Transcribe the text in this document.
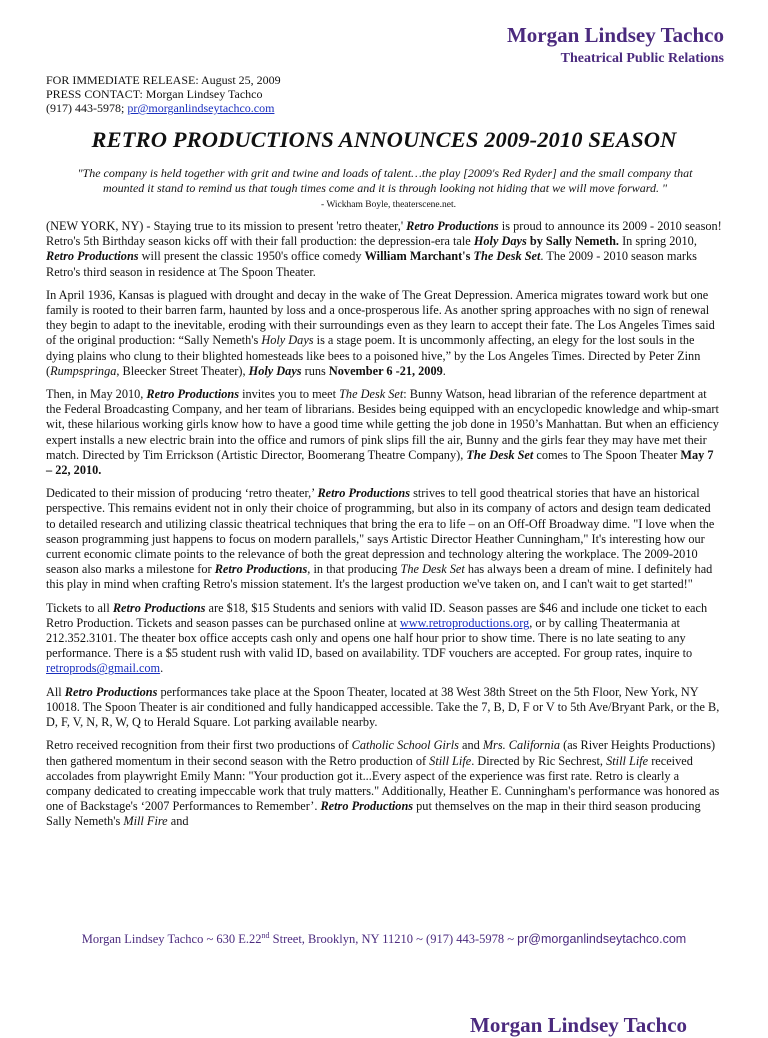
Morgan Lindsey Tachco
Theatrical Public Relations
FOR IMMEDIATE RELEASE: August 25, 2009
PRESS CONTACT: Morgan Lindsey Tachco
(917) 443-5978; pr@morganlindseytachco.com
RETRO PRODUCTIONS ANNOUNCES 2009-2010 SEASON
"The company is held together with grit and twine and loads of talent…the play [2009's Red Ryder] and the small company that mounted it stand to remind us that tough times come and it is through looking not hiding that we will move forward. "
- Wickham Boyle, theaterscene.net.

(NEW YORK, NY) - Staying true to its mission to present 'retro theater,' Retro Productions is proud to announce its 2009 - 2010 season! Retro's 5th Birthday season kicks off with their fall production: the depression-era tale Holy Days by Sally Nemeth. In spring 2010, Retro Productions will present the classic 1950's office comedy William Marchant's The Desk Set. The 2009 - 2010 season marks Retro's third season in residence at The Spoon Theater.

In April 1936, Kansas is plagued with drought and decay in the wake of The Great Depression. America migrates toward work but one family is rooted to their barren farm, haunted by loss and a once-prosperous life. As another spring approaches with no sign of renewal they begin to adapt to the inevitable, eroding with their surroundings even as they learn to accept their fate. The Los Angeles Times said of the original production: “Sally Nemeth's Holy Days is a stage poem. It is uncommonly affecting, an elegy for the lost souls in the dying plains who clung to their blighted homesteads like bees to a poisoned hive,” by the Los Angeles Times. Directed by Peter Zinn (Rumpspringa, Bleecker Street Theater), Holy Days runs November 6 -21, 2009.

Then, in May 2010, Retro Productions invites you to meet The Desk Set: Bunny Watson, head librarian of the reference department at the Federal Broadcasting Company, and her team of librarians. Besides being equipped with an encyclopedic knowledge and whip-smart wit, these hilarious working girls know how to have a good time while getting the job done in 1950’s Manhattan. But when an efficiency expert installs a new electric brain into the office and rumors of pink slips fill the air, Bunny and the girls fear they may have met their match. Directed by Tim Errickson (Artistic Director, Boomerang Theatre Company), The Desk Set comes to The Spoon Theater May 7 – 22, 2010.

Dedicated to their mission of producing ‘retro theater,’ Retro Productions strives to tell good theatrical stories that have an historical perspective. This remains evident not in only their choice of programming, but also in its company of actors and design team dedicated to detailed research and utilizing classic theatrical techniques that bring the era to life – on an Off-Off Broadway dime. "I love when the season programming just happens to focus on modern parallels," says Artistic Director Heather Cunningham," It's interesting how our current economic climate points to the relevance of both the great depression and technology altering the workplace. The 2009-2010 season also marks a milestone for Retro Productions, in that producing The Desk Set has always been a dream of mine. I definitely had this play in mind when crafting Retro's mission statement. It's the largest production we've taken on, and I can't wait to get started!"

Tickets to all Retro Productions are $18, $15 Students and seniors with valid ID. Season passes are $46 and include one ticket to each Retro Production. Tickets and season passes can be purchased online at www.retroproductions.org, or by calling Theatermania at 212.352.3101. The theater box office accepts cash only and opens one half hour prior to show time. There is no late seating to any performance. There is a $5 student rush with valid ID, based on availability. TDF vouchers are accepted. For group rates, inquire to retroprods@gmail.com.

All Retro Productions performances take place at the Spoon Theater, located at 38 West 38th Street on the 5th Floor, New York, NY 10018. The Spoon Theater is air conditioned and fully handicapped accessible. Take the 7, B, D, F or V to 5th Ave/Bryant Park, or the B, D, F, V, N, R, W, Q to Herald Square. Lot parking available nearby.

Retro received recognition from their first two productions of Catholic School Girls and Mrs. California (as River Heights Productions) then gathered momentum in their second season with the Retro production of Still Life. Directed by Ric Sechrest, Still Life received accolades from playwright Emily Mann: "Your production got it...Every aspect of the experience was first rate. Retro is clearly a company dedicated to creating impeccable work that truly matters." Additionally, Heather E. Cunningham's performance was honored as one of Backstage's ‘2007 Performances to Remember’. Retro Productions put themselves on the map in their third season producing Sally Nemeth's Mill Fire and

Morgan Lindsey Tachco ~ 630 E.22nd Street, Brooklyn, NY 11210 ~ (917) 443-5978 ~ pr@morganlindseytachco.com
Morgan Lindsey Tachco
